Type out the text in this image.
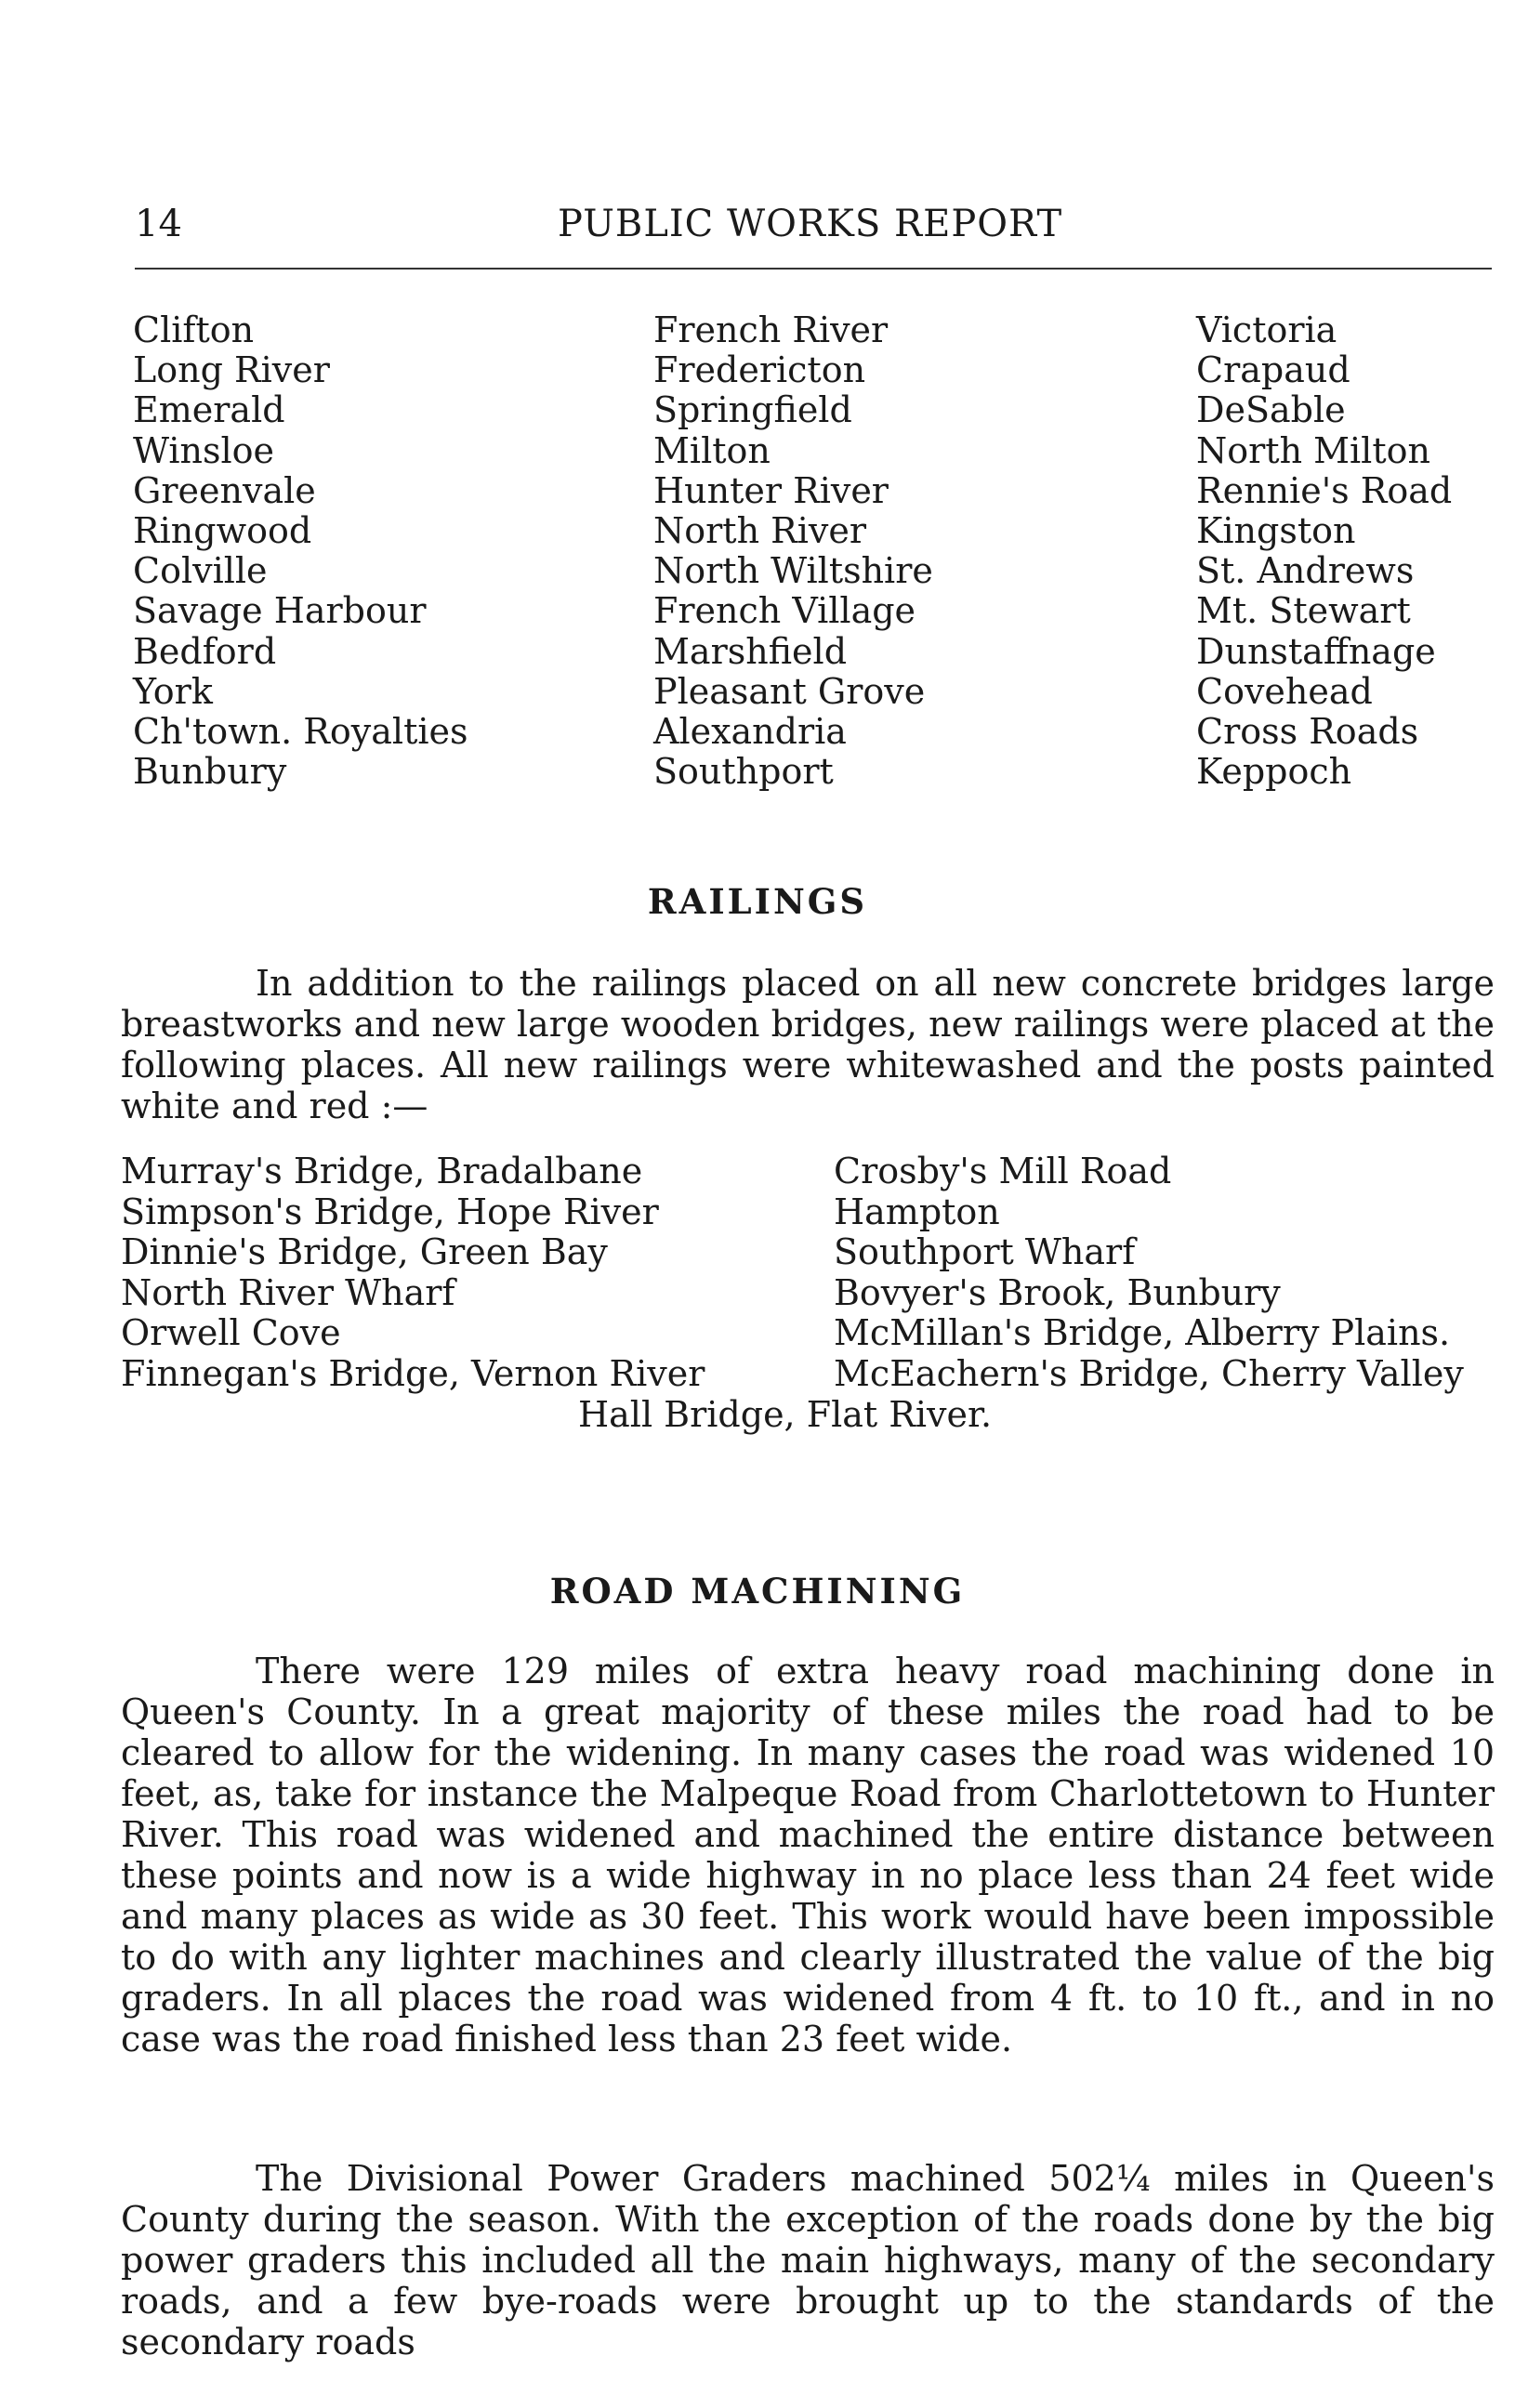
14	PUBLIC WORKS REPORT
Clifton
Long River
Emerald
Winsloe
Greenvale
Ringwood
Colville
Savage Harbour
Bedford
York
Ch'town. Royalties
Bunbury
French River
Fredericton
Springfield
Milton
Hunter River
North River
North Wiltshire
French Village
Marshfield
Pleasant Grove
Alexandria
Southport
Victoria
Crapaud
DeSable
North Milton
Rennie's Road
Kingston
St. Andrews
Mt. Stewart
Dunstaffnage
Covehead
Cross Roads
Keppoch
RAILINGS
In addition to the railings placed on all new concrete bridges large breastworks and new large wooden bridges, new railings were placed at the following places. All new railings were whitewashed and the posts painted white and red :—
Murray's Bridge, Bradalbane
Simpson's Bridge, Hope River
Dinnie's Bridge, Green Bay
North River Wharf
Orwell Cove
Finnegan's Bridge, Vernon River
Crosby's Mill Road
Hampton
Southport Wharf
Bovyer's Brook, Bunbury
McMillan's Bridge, Alberry Plains.
McEachern's Bridge, Cherry Valley
Hall Bridge, Flat River.
ROAD MACHINING
There were 129 miles of extra heavy road machining done in Queen's County. In a great majority of these miles the road had to be cleared to allow for the widening. In many cases the road was widened 10 feet, as, take for instance the Malpeque Road from Charlottetown to Hunter River. This road was widened and machined the entire distance between these points and now is a wide highway in no place less than 24 feet wide and many places as wide as 30 feet. This work would have been impossible to do with any lighter machines and clearly illustrated the value of the big graders. In all places the road was widened from 4 ft. to 10 ft., and in no case was the road finished less than 23 feet wide.
The Divisional Power Graders machined 502¼ miles in Queen's County during the season. With the exception of the roads done by the big power graders this included all the main highways, many of the secondary roads, and a few bye-roads were brought up to the standards of the secondary roads
